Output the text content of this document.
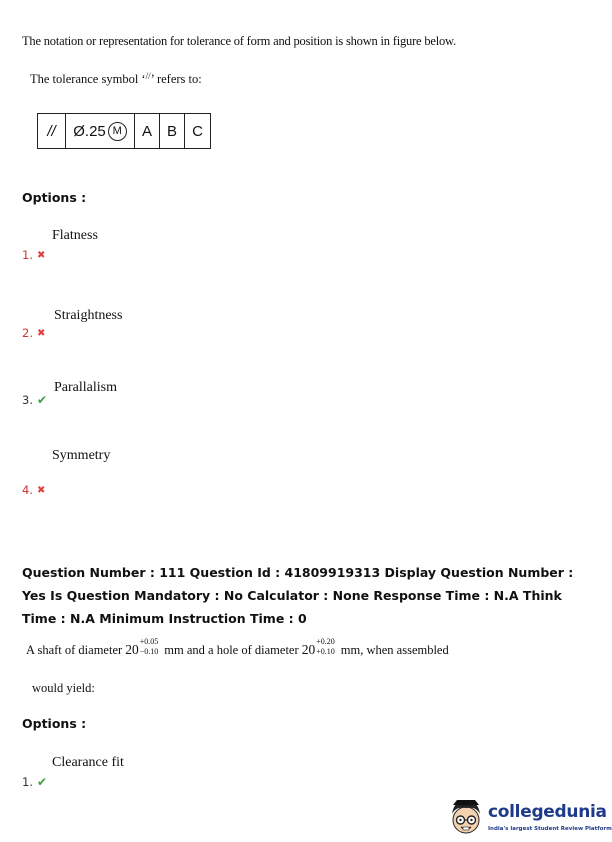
The notation or representation for tolerance of form and position is shown in figure below.
The tolerance symbol ‘//’ refers to:
//	Ø.25 M	A B	C
Options :
Flatness
1. ✖
Straightness
2. ✖
Parallalism
3. ✔
Symmetry
4. ✖
Question Number : 111 Question Id : 41809919313 Display Question Number : Yes Is Question Mandatory : No Calculator : None Response Time : N.A Think Time : N.A Minimum Instruction Time : 0
A shaft of diameter
20
+0.05
−0.10 mm and a hole of diameter
20
+0.20
+0.10 mm, when assembled
would yield:
Options :
Clearance fit
1. ✔
collegedunia
India's largest Student Review Platform
